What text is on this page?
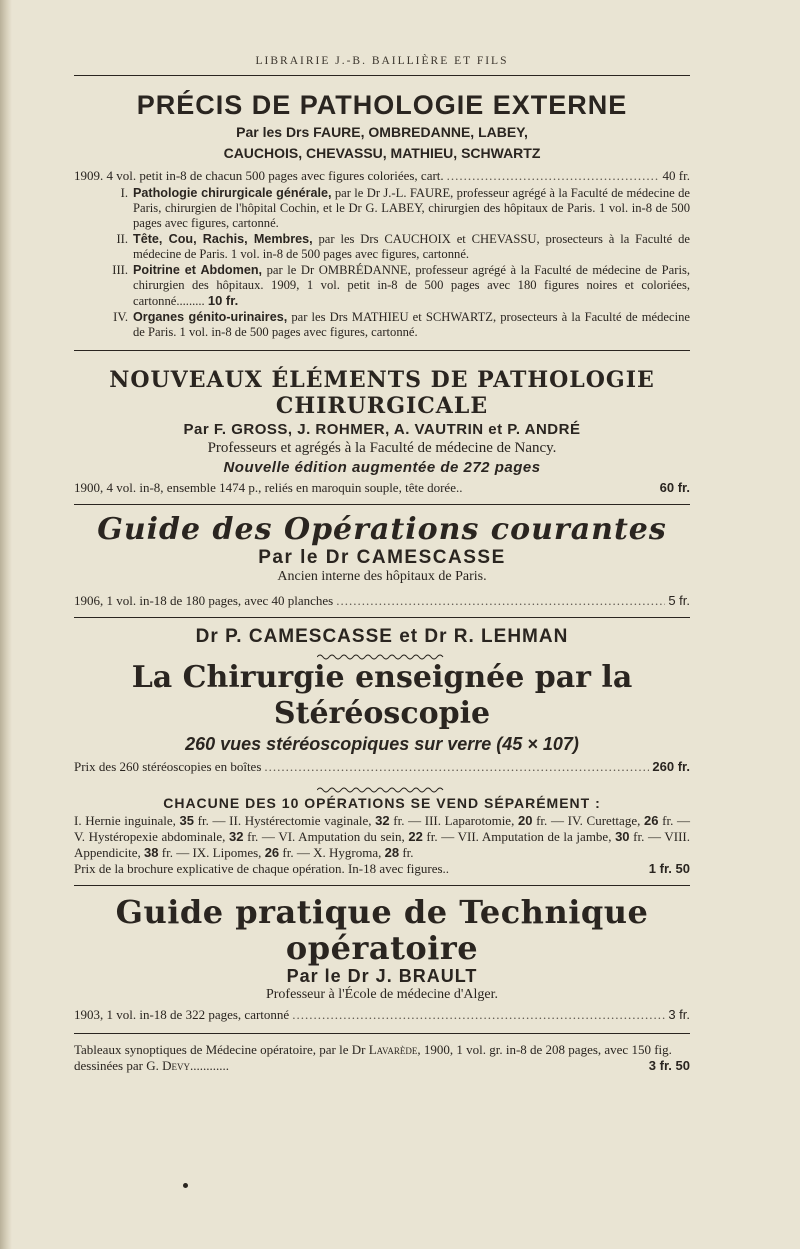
LIBRAIRIE J.-B. BAILLIÈRE ET FILS
PRÉCIS DE PATHOLOGIE EXTERNE
Par les Drs FAURE, OMBREDANNE, LABEY,
CAUCHOIS, CHEVASSU, MATHIEU, SCHWARTZ
1909. 4 vol. petit in-8 de chacun 500 pages avec figures coloriées, cart. .....	40 fr.
I. Pathologie chirurgicale générale, par le Dr J.-L. FAURE, professeur agrégé à la Faculté de médecine de Paris, chirurgien de l'hôpital Cochin, et le Dr G. LABEY, chirurgien des hôpitaux de Paris. 1 vol. in-8 de 500 pages avec figures, cartonné.
II. Tête, Cou, Rachis, Membres, par les Drs CAUCHOIX et CHEVASSU, prosecteurs à la Faculté de médecine de Paris. 1 vol. in-8 de 500 pages avec figures, cartonné.
III. Poitrine et Abdomen, par le Dr OMBRÉDANNE, professeur agrégé à la Faculté de médecine de Paris, chirurgien des hôpitaux. 1909, 1 vol. petit in-8 de 500 pages avec 180 figures noires et coloriées, cartonné......... 10 fr.
IV. Organes génito-urinaires, par les Drs MATHIEU et SCHWARTZ, prosecteurs à la Faculté de médecine de Paris. 1 vol. in-8 de 500 pages avec figures, cartonné.
NOUVEAUX ÉLÉMENTS DE PATHOLOGIE CHIRURGICALE
Par F. GROSS, J. ROHMER, A. VAUTRIN et P. ANDRÉ
Professeurs et agrégés à la Faculté de médecine de Nancy.
Nouvelle édition augmentée de 272 pages
1900, 4 vol. in-8, ensemble 1474 p., reliés en maroquin souple, tête dorée..	60 fr.
Guide des Opérations courantes
Par le Dr CAMESCASSE
Ancien interne des hôpitaux de Paris.
1906, 1 vol. in-18 de 180 pages, avec 40 planches .....	5 fr.
Dr P. CAMESCASSE et Dr R. LEHMAN
La Chirurgie enseignée par la Stéréoscopie
260 vues stéréoscopiques sur verre (45 × 107)
Prix des 260 stéréoscopies en boîtes .....	260 fr.
CHACUNE DES 10 OPÉRATIONS SE VEND SÉPARÉMENT :
I. Hernie inguinale, 35 fr. — II. Hystérectomie vaginale, 32 fr. — III. Laparotomie, 20 fr. — IV. Curettage, 26 fr. — V. Hystéropexie abdominale, 32 fr. — VI. Amputation du sein, 22 fr. — VII. Amputation de la jambe, 30 fr. — VIII. Appendicite, 38 fr. — IX. Lipomes, 26 fr. — X. Hygroma, 28 fr.
Prix de la brochure explicative de chaque opération. In-18 avec figures..	1 fr. 50
Guide pratique de Technique opératoire
Par le Dr J. BRAULT
Professeur à l'École de médecine d'Alger.
1903, 1 vol. in-18 de 322 pages, cartonné .....	3 fr.
Tableaux synoptiques de Médecine opératoire, par le Dr Lavarède, 1900, 1 vol. gr. in-8 de 208 pages, avec 150 fig. dessinées par G. Devy............	3 fr. 50
